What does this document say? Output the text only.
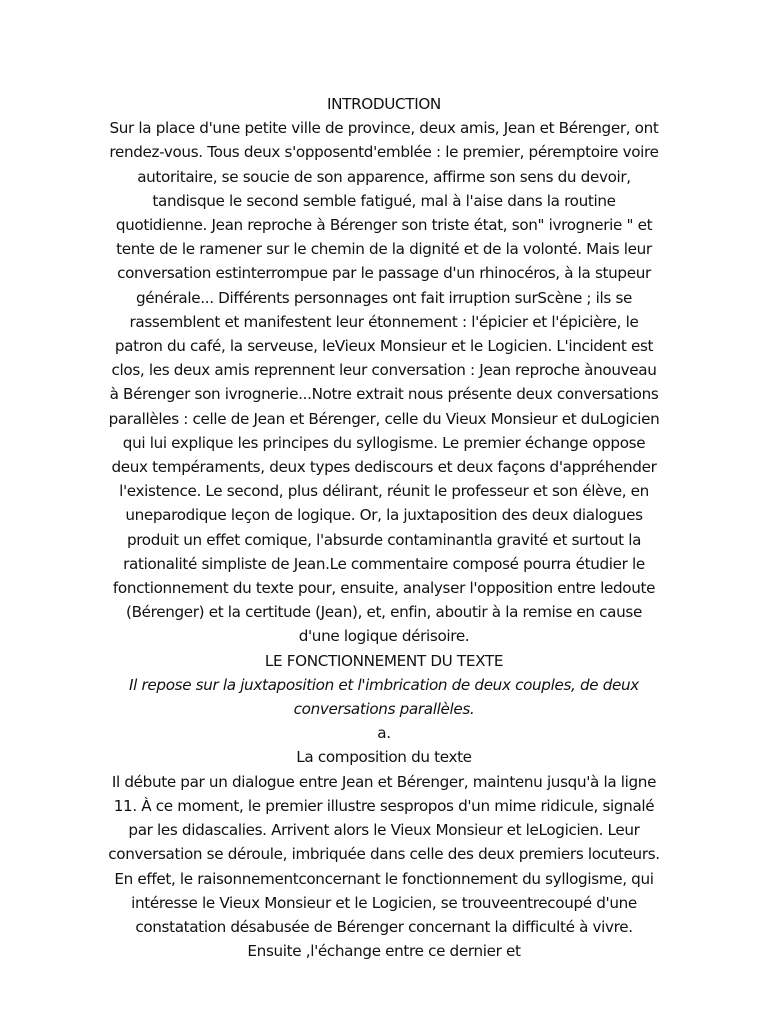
INTRODUCTION
Sur la place d'une petite ville de province, deux amis, Jean et Bérenger, ont rendez-vous. Tous deux s'opposentd'emblée : le premier, péremptoire voire autoritaire, se soucie de son apparence, affirme son sens du devoir, tandisque le second semble fatigué, mal à l'aise dans la routine quotidienne. Jean reproche à Bérenger son triste état, son" ivrognerie " et tente de le ramener sur le chemin de la dignité et de la volonté. Mais leur conversation estinterrompue par le passage d'un rhinocéros, à la stupeur générale... Différents personnages ont fait irruption surScène ; ils se rassemblent et manifestent leur étonnement : l'épicier et l'épicière, le patron du café, la serveuse, leVieux Monsieur et le Logicien. L'incident est clos, les deux amis reprennent leur conversation : Jean reproche ànouveau à Bérenger son ivrognerie...Notre extrait nous présente deux conversations parallèles : celle de Jean et Bérenger, celle du Vieux Monsieur et duLogicien qui lui explique les principes du syllogisme. Le premier échange oppose deux tempéraments, deux types dediscours et deux façons d'appréhender l'existence. Le second, plus délirant, réunit le professeur et son élève, en uneparodique leçon de logique. Or, la juxtaposition des deux dialogues produit un effet comique, l'absurde contaminantla gravité et surtout la rationalité simpliste de Jean.Le commentaire composé pourra étudier le fonctionnement du texte pour, ensuite, analyser l'opposition entre ledoute (Bérenger) et la certitude (Jean), et, enfin, aboutir à la remise en cause d'une logique dérisoire.
LE FONCTIONNEMENT DU TEXTE
Il repose sur la juxtaposition et l'imbrication de deux couples, de deux conversations parallèles.
a.
La composition du texte
Il débute par un dialogue entre Jean et Bérenger, maintenu jusqu'à la ligne 11. À ce moment, le premier illustre sespropos d'un mime ridicule, signalé par les didascalies. Arrivent alors le Vieux Monsieur et leLogicien. Leur conversation se déroule, imbriquée dans celle des deux premiers locuteurs. En effet, le raisonnementconcernant le fonctionnement du syllogisme, qui intéresse le Vieux Monsieur et le Logicien, se trouveentrecoupé d'une constatation désabusée de Bérenger concernant la difficulté à vivre. Ensuite ,l'échange entre ce dernier et
